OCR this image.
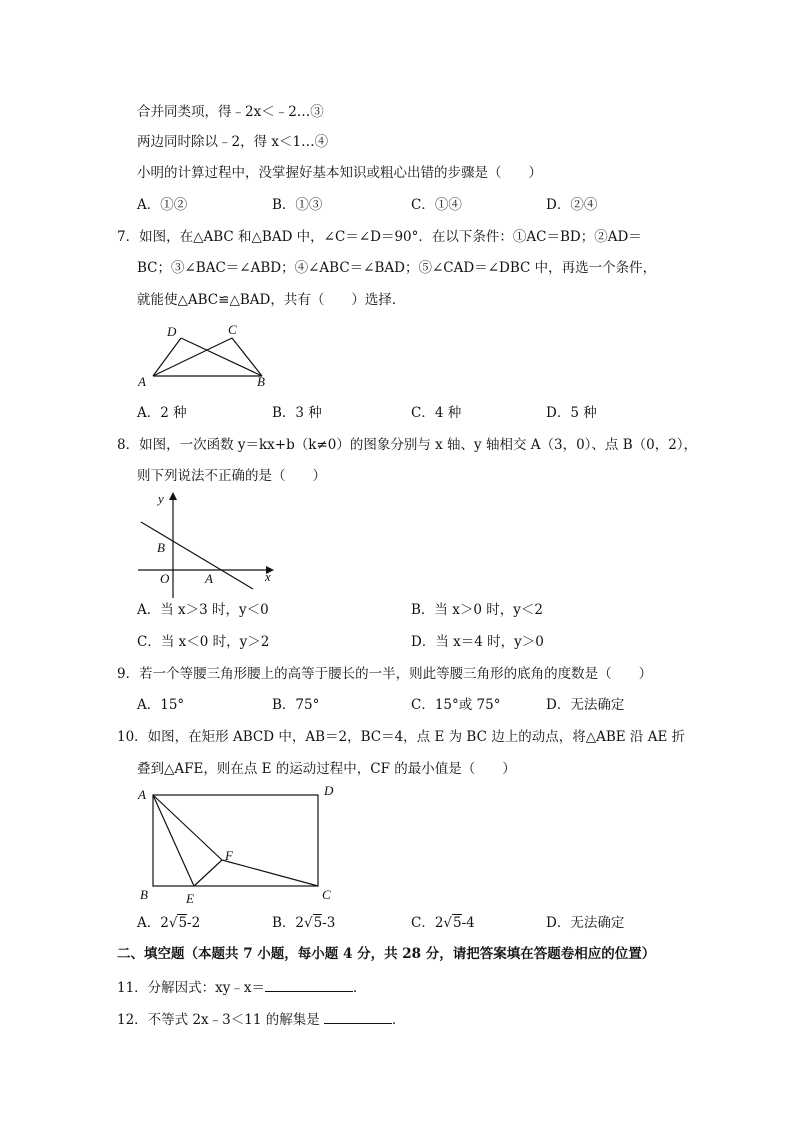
合并同类项，得﹣2x＜﹣2…③
两边同时除以﹣2，得 x＜1…④
小明的计算过程中，没掌握好基本知识或粗心出错的步骤是（　　）
A．①②	B．①③	C．①④	D．②④
7．如图，在△ABC 和△BAD 中，∠C＝∠D＝90°．在以下条件：①AC＝BD；②AD＝
BC；③∠BAC＝∠ABD；④∠ABC＝∠BAD；⑤∠CAD＝∠DBC 中，再选一个条件，
就能使△ABC≌△BAD，共有（　　）选择．
D	C
A	B
A．2 种	B．3 种	C．4 种	D．5 种
8．如图，一次函数 y＝kx+b（k≠0）的图象分别与 x 轴、y 轴相交 A（3，0）、点 B（0，2），
则下列说法不正确的是（　　）
y
B
O	A	x
A．当 x＞3 时，y＜0	B．当 x＞0 时，y＜2
C．当 x＜0 时，y＞2	D．当 x＝4 时，y＞0
9．若一个等腰三角形腰上的高等于腰长的一半，则此等腰三角形的底角的度数是（　　）
A．15°	B．75°	C．15°或 75°	D．无法确定
10．如图，在矩形 ABCD 中，AB＝2，BC＝4，点 E 为 BC 边上的动点，将△ABE 沿 AE 折
叠到△AFE，则在点 E 的运动过程中，CF 的最小值是（　　）
A	D
F
B	E	C
A．2√5-2	B．2√5-3	C．2√5-4	D．无法确定
二、填空题（本题共 7 小题，每小题 4 分，共 28 分，请把答案填在答题卷相应的位置）
11．分解因式：xy﹣x＝	．
12．不等式 2x﹣3＜11 的解集是	．
